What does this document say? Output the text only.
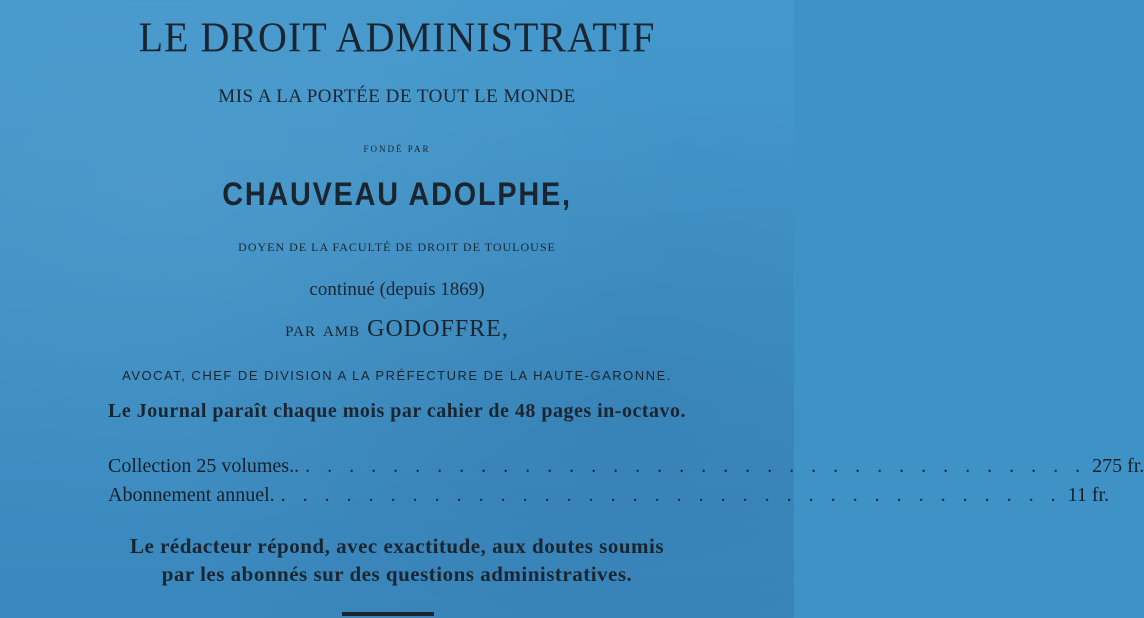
LE DROIT ADMINISTRATIF
MIS A LA PORTÉE DE TOUT LE MONDE
FONDÉ PAR
CHAUVEAU ADOLPHE,
DOYEN DE LA FACULTÉ DE DROIT DE TOULOUSE
continué (depuis 1869)
PAR AMB GODOFFRE,
AVOCAT, CHEF DE DIVISION A LA PRÉFECTURE DE LA HAUTE-GARONNE.
Le Journal paraît chaque mois par cahier de 48 pages in-octavo.
Collection 25 volumes.. . . . . . . . . . . . . . . . . . . . . . . . . . . . . . . . . . . . . 275 fr.
Abonnement annuel. . . . . . . . . . . . . . . . . . . . . . . . . . . . . . . . . . . . . 11 fr.
Le rédacteur répond, avec exactitude, aux doutes soumis
par les abonnés sur des questions administratives.
